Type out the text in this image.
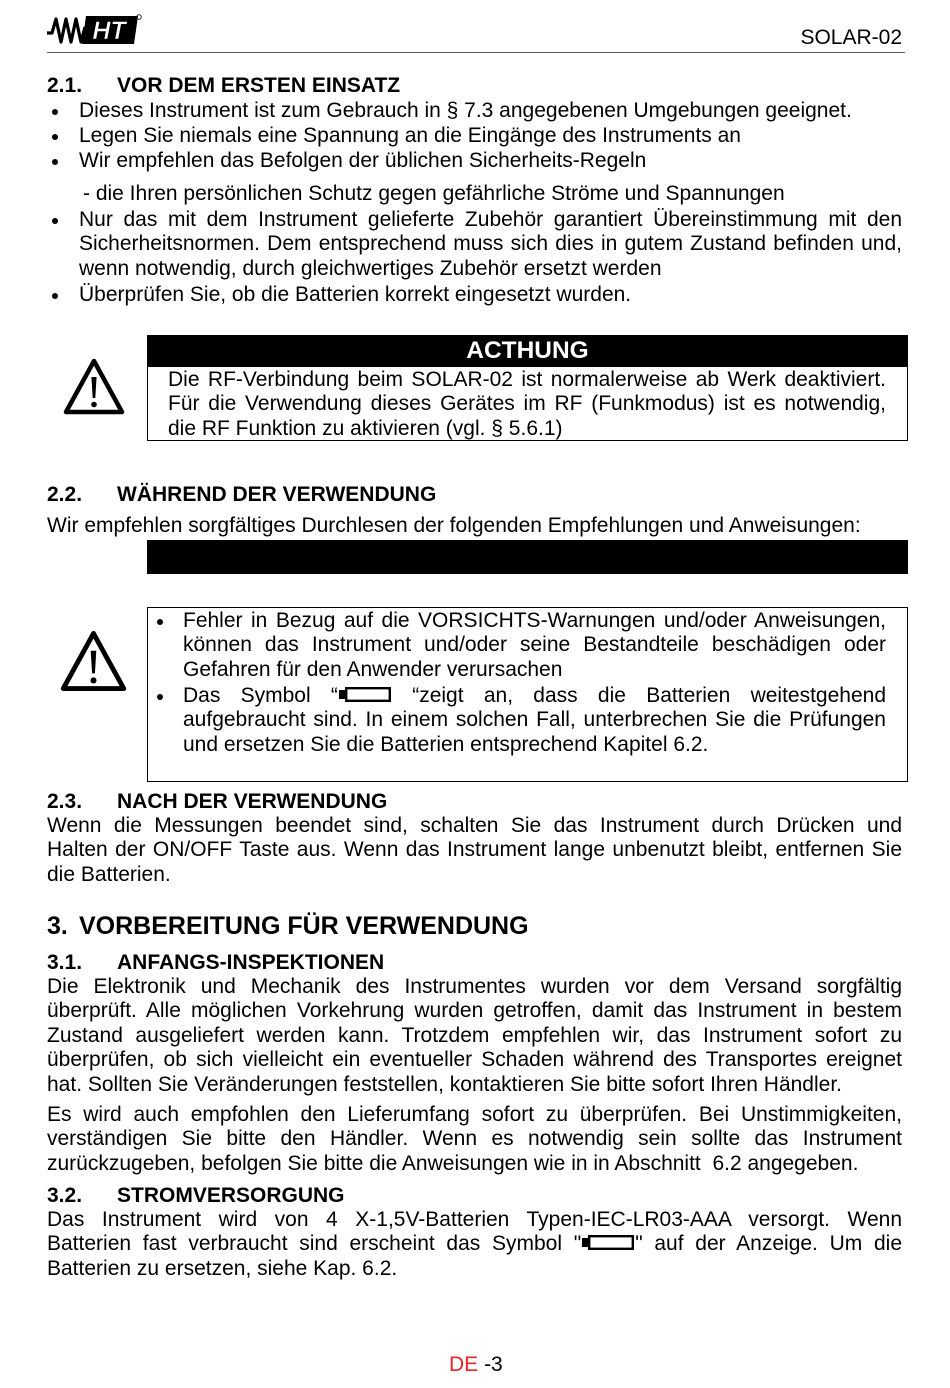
HT	SOLAR-02
2.1. VOR DEM ERSTEN EINSATZ
Dieses Instrument ist zum Gebrauch in § 7.3 angegebenen Umgebungen geeignet.
Legen Sie niemals eine Spannung an die Eingänge des Instruments an
Wir empfehlen das Befolgen der üblichen Sicherheits-Regeln
- die Ihren persönlichen Schutz gegen gefährliche Ströme und Spannungen
Nur das mit dem Instrument gelieferte Zubehör garantiert Übereinstimmung mit den
Sicherheitsnormen. Dem entsprechend muss sich dies in gutem Zustand befinden und,
wenn notwendig, durch gleichwertiges Zubehör ersetzt werden
Überprüfen Sie, ob die Batterien korrekt eingesetzt wurden.
ACTHUNG
Die RF-Verbindung beim SOLAR-02 ist normalerweise ab Werk deaktiviert.
Für die Verwendung dieses Gerätes im RF (Funkmodus) ist es notwendig,
die RF Funktion zu aktivieren (vgl. § 5.6.1)
2.2. WÄHREND DER VERWENDUNG
Wir empfehlen sorgfältiges Durchlesen der folgenden Empfehlungen und Anweisungen:
Fehler in Bezug auf die VORSICHTS-Warnungen und/oder Anweisungen,
können das Instrument und/oder seine Bestandteile beschädigen oder
Gefahren für den Anwender verursachen
Das Symbol “	“zeigt an, dass die Batterien weitestgehend
aufgebraucht sind. In einem solchen Fall, unterbrechen Sie die Prüfungen
und ersetzen Sie die Batterien entsprechend Kapitel 6.2.
2.3. NACH DER VERWENDUNG
Wenn die Messungen beendet sind, schalten Sie das Instrument durch Drücken und
Halten der ON/OFF Taste aus. Wenn das Instrument lange unbenutzt bleibt, entfernen Sie
die Batterien.
3. VORBEREITUNG FÜR VERWENDUNG
3.1. ANFANGS-INSPEKTIONEN
Die Elektronik und Mechanik des Instrumentes wurden vor dem Versand sorgfältig
überprüft. Alle möglichen Vorkehrung wurden getroffen, damit das Instrument in bestem
Zustand ausgeliefert werden kann. Trotzdem empfehlen wir, das Instrument sofort zu
überprüfen, ob sich vielleicht ein eventueller Schaden während des Transportes ereignet
hat. Sollten Sie Veränderungen feststellen, kontaktieren Sie bitte sofort Ihren Händler.
Es wird auch empfohlen den Lieferumfang sofort zu überprüfen. Bei Unstimmigkeiten,
verständigen Sie bitte den Händler. Wenn es notwendig sein sollte das Instrument
zurückzugeben, befolgen Sie bitte die Anweisungen wie in in Abschnitt  6.2 angegeben.
3.2. STROMVERSORGUNG
Das Instrument wird von 4 X-1,5V-Batterien Typen-IEC-LR03-AAA versorgt. Wenn
Batterien fast verbraucht sind erscheint das Symbol "	" auf der Anzeige. Um die
Batterien zu ersetzen, siehe Kap. 6.2.
DE -3
